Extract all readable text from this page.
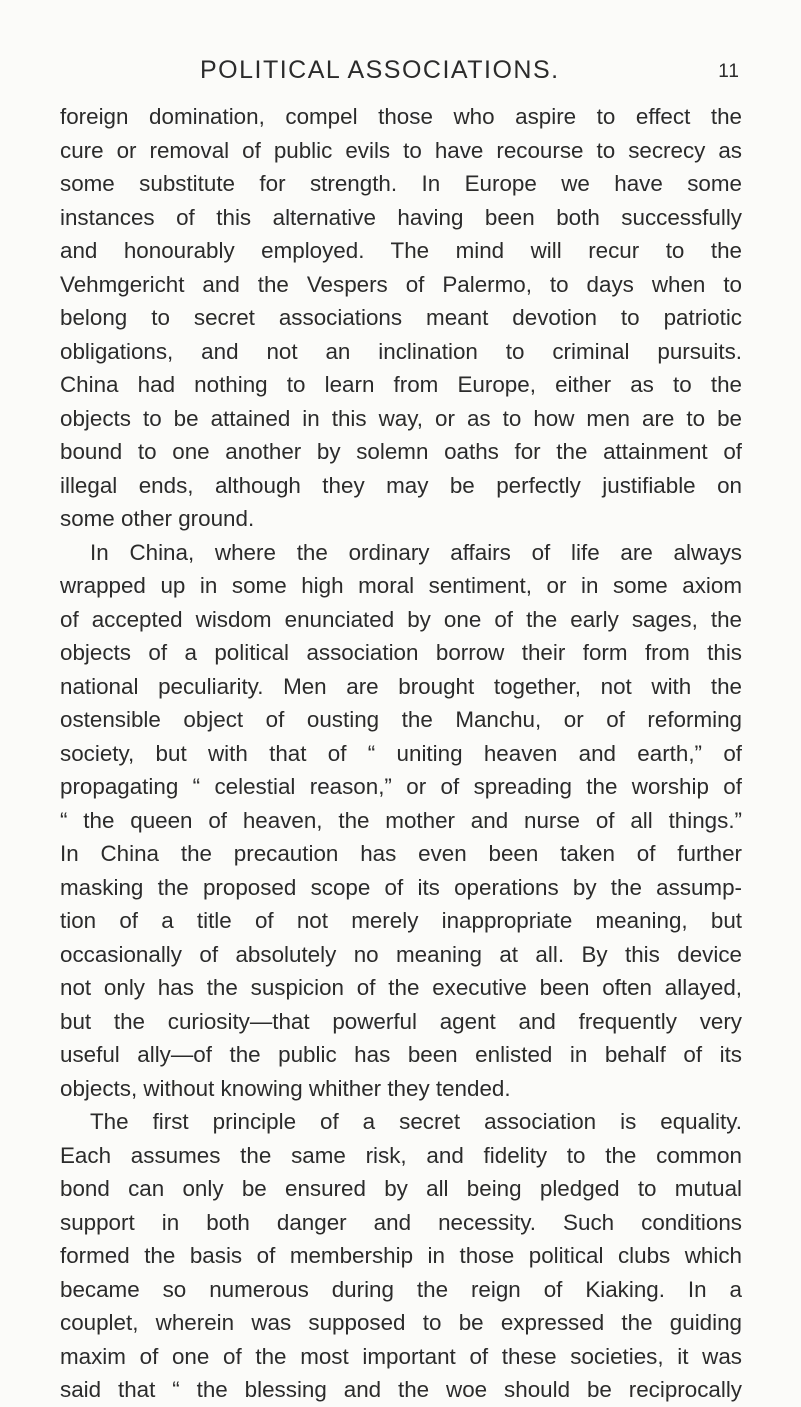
POLITICAL ASSOCIATIONS.	11
foreign domination, compel those who aspire to effect the
cure or removal of public evils to have recourse to secrecy as
some substitute for strength. In Europe we have some
instances of this alternative having been both successfully
and honourably employed. The mind will recur to the
Vehmgericht and the Vespers of Palermo, to days when to
belong to secret associations meant devotion to patriotic
obligations, and not an inclination to criminal pursuits.
China had nothing to learn from Europe, either as to the
objects to be attained in this way, or as to how men are to be
bound to one another by solemn oaths for the attainment of
illegal ends, although they may be perfectly justifiable on
some other ground.
In China, where the ordinary affairs of life are always
wrapped up in some high moral sentiment, or in some axiom
of accepted wisdom enunciated by one of the early sages, the
objects of a political association borrow their form from this
national peculiarity. Men are brought together, not with the
ostensible object of ousting the Manchu, or of reforming
society, but with that of “ uniting heaven and earth,” of
propagating “ celestial reason,” or of spreading the worship of
“ the queen of heaven, the mother and nurse of all things.”
In China the precaution has even been taken of further
masking the proposed scope of its operations by the assump-
tion of a title of not merely inappropriate meaning, but
occasionally of absolutely no meaning at all. By this device
not only has the suspicion of the executive been often allayed,
but the curiosity—that powerful agent and frequently very
useful ally—of the public has been enlisted in behalf of its
objects, without knowing whither they tended.
The first principle of a secret association is equality.
Each assumes the same risk, and fidelity to the common
bond can only be ensured by all being pledged to mutual
support in both danger and necessity. Such conditions
formed the basis of membership in those political clubs which
became so numerous during the reign of Kiaking. In a
couplet, wherein was supposed to be expressed the guiding
maxim of one of the most important of these societies, it was
said that “ the blessing and the woe should be reciprocally
